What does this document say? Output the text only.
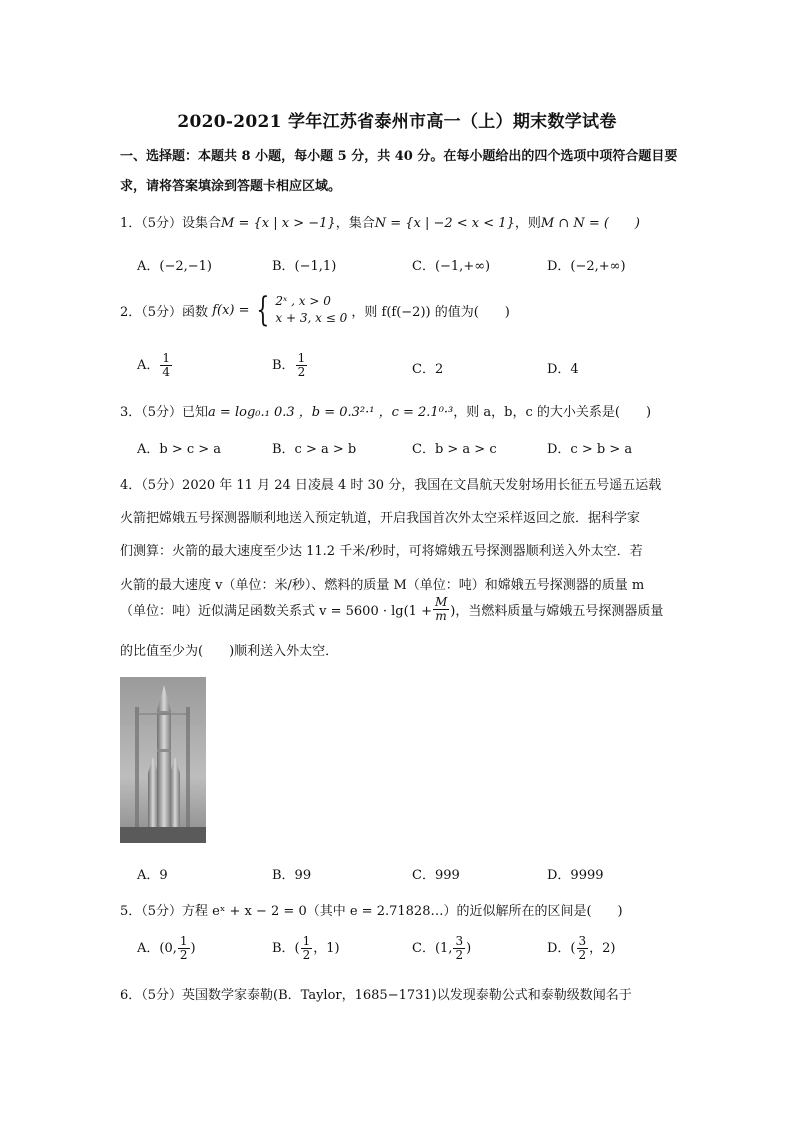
2020-2021 学年江苏省泰州市高一（上）期末数学试卷
一、选择题：本题共 8 小题，每小题 5 分，共 40 分。在每小题给出的四个选项中项符合题目要求，请将答案填涂到答题卡相应区域。
1．（5分）设集合M = {x | x > −1}，集合N = {x | −2 < x < 1}，则M ∩ N = (　　)
A．(−2,−1)	B．(−1,1)	C．(−1,+∞)	D．(−2,+∞)
2．（5分）函数 f(x) = { 2ˣ , x > 0
x + 3, x ≤ 0 ，则 f(f(−2)) 的值为(　　)
A． $\frac{1}{4}$	B． $\frac{1}{2}$	C．2	D．4
3．（5分）已知a = log₀.₁ 0.3 ，b = 0.3²·¹ ，c = 2.1⁰·³，则 a，b，c 的大小关系是(　　)
A．b > c > a	B．c > a > b	C．b > a > c	D．c > b > a
4．（5分）2020 年 11 月 24 日凌晨 4 时 30 分，我国在文昌航天发射场用长征五号遥五运载
火箭把嫦娥五号探测器顺利地送入预定轨道，开启我国首次外太空采样返回之旅．据科学家
们测算：火箭的最大速度至少达 11.2 千米/秒时，可将嫦娥五号探测器顺利送入外太空．若
火箭的最大速度 v（单位：米/秒）、燃料的质量 M（单位：吨）和嫦娥五号探测器的质量 m
（单位：吨）近似满足函数关系式 $v = 5600 \cdot \lg(1 + \frac{M}{m}$ )，当燃料质量与嫦娥五号探测器质量
的比值至少为(　　)顺利送入外太空．
A．9	B．99	C．999	D．9999
5．（5分）方程 eˣ + x − 2 = 0（其中 e = 2.71828…）的近似解所在的区间是(　　)
A．(0, $\frac{1}{2}$ )	B．( $\frac{1}{2}$ ，1)	C．(1, $\frac{3}{2}$ )	D．( $\frac{3}{2}$ ，2)
6．（5分）英国数学家泰勒(B．Taylor，1685−1731)以发现泰勒公式和泰勒级数闻名于
